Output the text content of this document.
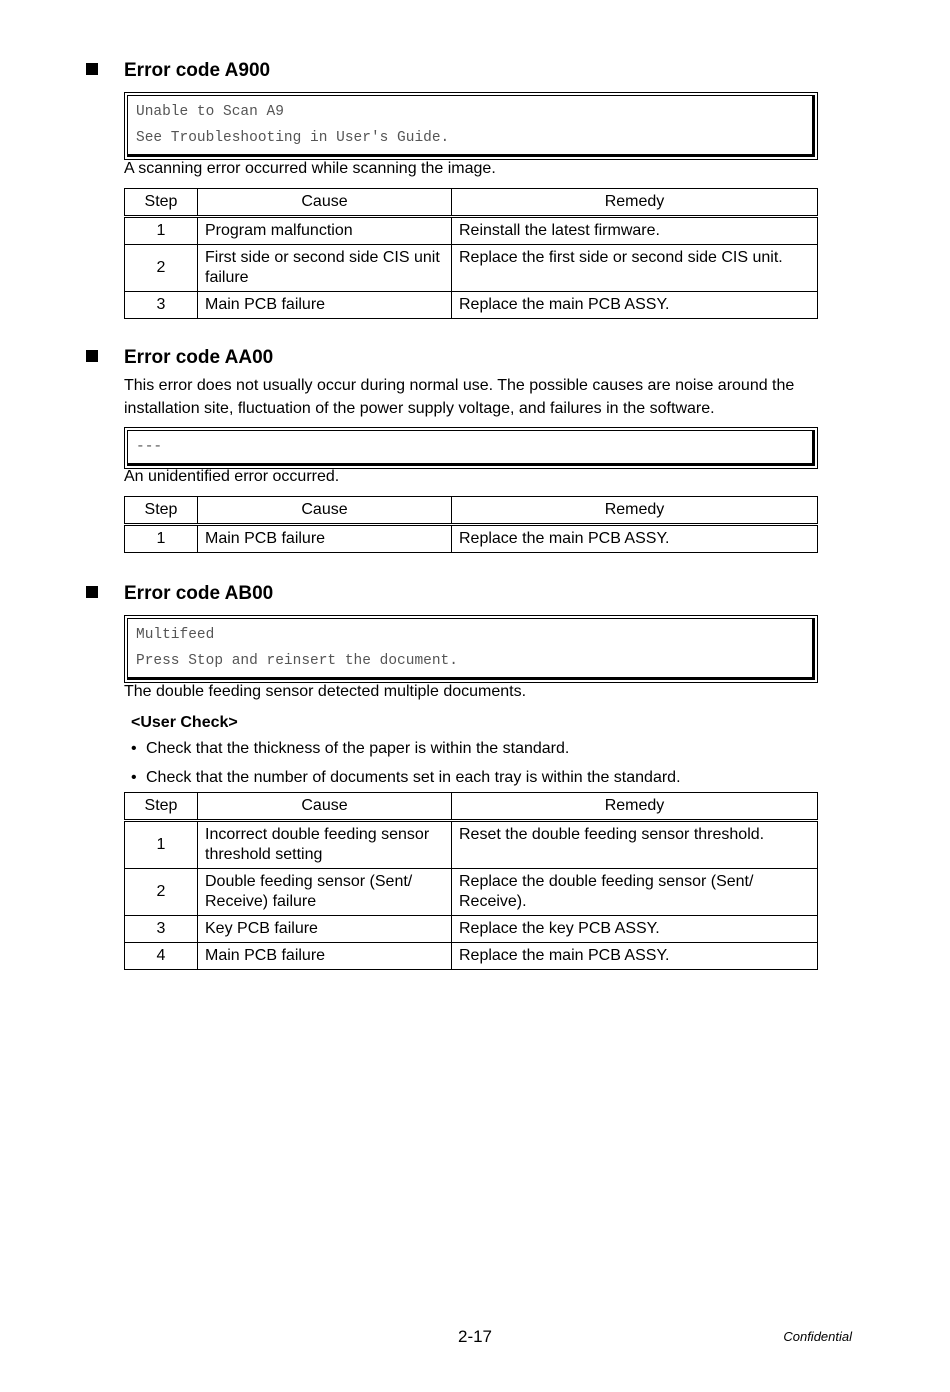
Error code A900
Unable to Scan A9
See Troubleshooting in User's Guide.
A scanning error occurred while scanning the image.
Step	Cause	Remedy
1	Program malfunction	Reinstall the latest firmware.
2	First side or second side CIS unit failure	Replace the first side or second side CIS unit.
3	Main PCB failure	Replace the main PCB ASSY.
Error code AA00
This error does not usually occur during normal use. The possible causes are noise around the installation site, fluctuation of the power supply voltage, and failures in the software.
---
An unidentified error occurred.
Step	Cause	Remedy
1	Main PCB failure	Replace the main PCB ASSY.
Error code AB00
Multifeed
Press Stop and reinsert the document.
The double feeding sensor detected multiple documents.
<User Check>
• Check that the thickness of the paper is within the standard.
• Check that the number of documents set in each tray is within the standard.
Step	Cause	Remedy
1	Incorrect double feeding sensor threshold setting	Reset the double feeding sensor threshold.
2	Double feeding sensor (Sent/ Receive) failure	Replace the double feeding sensor (Sent/ Receive).
3	Key PCB failure	Replace the key PCB ASSY.
4	Main PCB failure	Replace the main PCB ASSY.
2-17	Confidential
